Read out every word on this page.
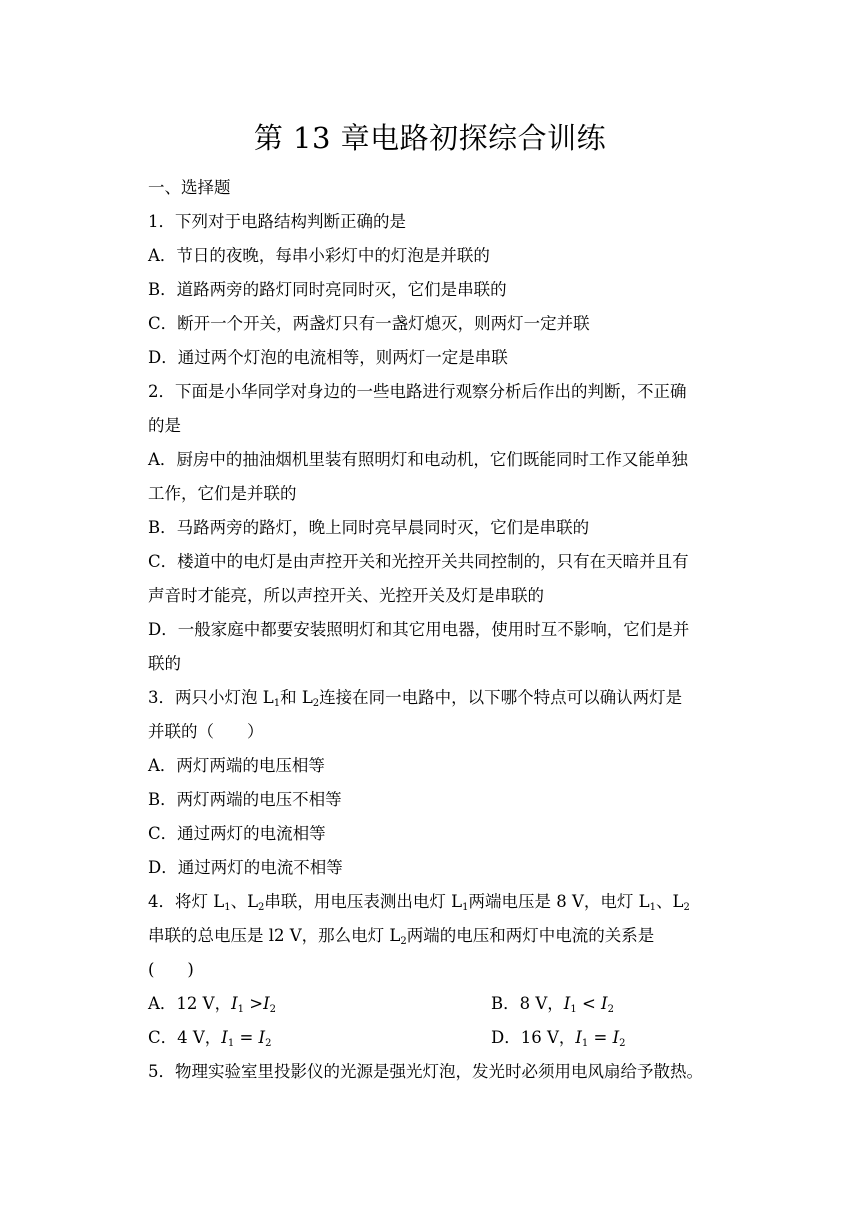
第 13 章电路初探综合训练
一、选择题
1．下列对于电路结构判断正确的是
A．节日的夜晚，每串小彩灯中的灯泡是并联的
B．道路两旁的路灯同时亮同时灭，它们是串联的
C．断开一个开关，两盏灯只有一盏灯熄灭，则两灯一定并联
D．通过两个灯泡的电流相等，则两灯一定是串联
2．下面是小华同学对身边的一些电路进行观察分析后作出的判断，不正确
的是
A．厨房中的抽油烟机里装有照明灯和电动机，它们既能同时工作又能单独
工作，它们是并联的
B．马路两旁的路灯，晚上同时亮早晨同时灭，它们是串联的
C．楼道中的电灯是由声控开关和光控开关共同控制的，只有在天暗并且有
声音时才能亮，所以声控开关、光控开关及灯是串联的
D．一般家庭中都要安装照明灯和其它用电器，使用时互不影响，它们是并
联的
3．两只小灯泡 $L_1$和 $L_2$连接在同一电路中，以下哪个特点可以确认两灯是
并联的（　　）
A．两灯两端的电压相等
B．两灯两端的电压不相等
C．通过两灯的电流相等
D．通过两灯的电流不相等
4．将灯 $L_1$、$L_2$串联，用电压表测出电灯 $L_1$两端电压是 8 V，电灯 $L_1$、$L_2$
串联的总电压是 l2 V，那么电灯 $L_2$两端的电压和两灯中电流的关系是
(　　)
A．12 V，$I_1 >I_2$	B．8 V，$I_1 < I_2$
C．4 V，$I_1 = I_2$	D．16 V，$I_1 = I_2$
5．物理实验室里投影仪的光源是强光灯泡，发光时必须用电风扇给予散热。
